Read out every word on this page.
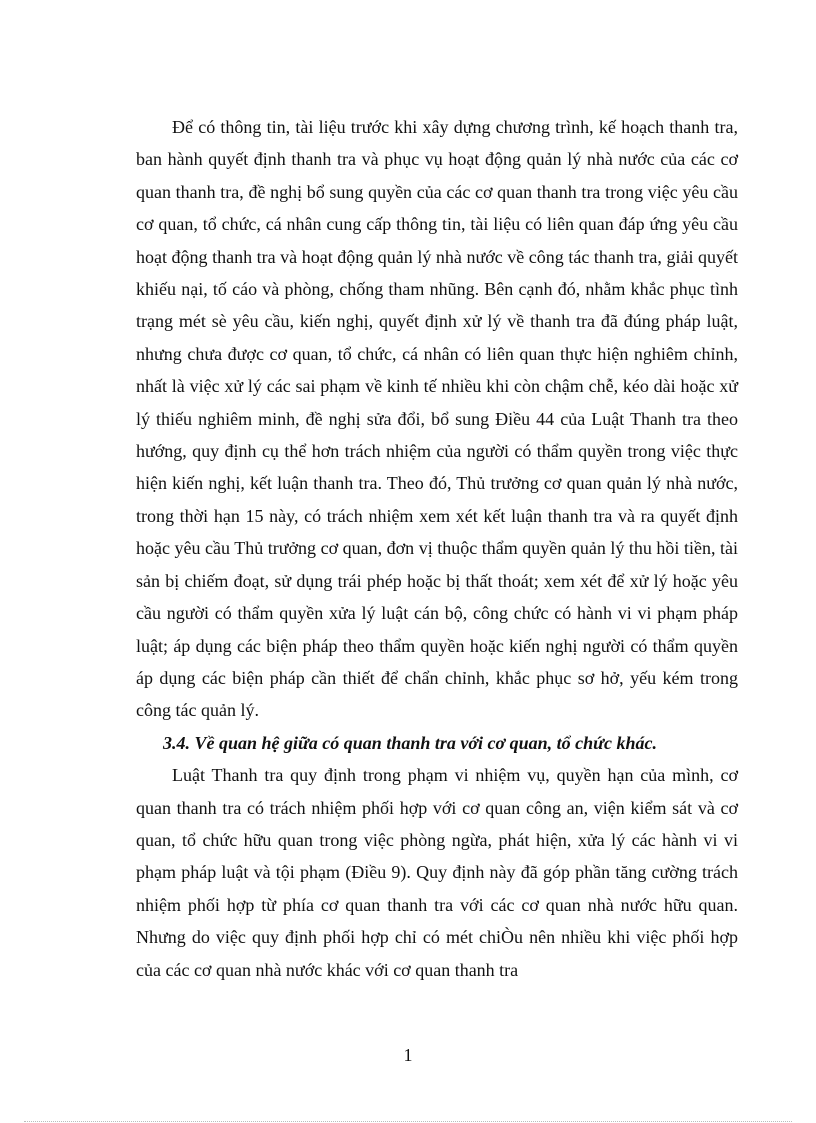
Để có thông tin, tài liệu trước khi xây dựng chương trình, kế hoạch thanh tra, ban hành quyết định thanh tra và phục vụ hoạt động quản lý nhà nước của các cơ quan thanh tra, đề nghị bổ sung quyền của các cơ quan thanh tra trong việc yêu cầu cơ quan, tổ chức, cá nhân cung cấp thông tin, tài liệu có liên quan đáp ứng yêu cầu hoạt động thanh tra và hoạt động quản lý nhà nước về công tác thanh tra, giải quyết khiếu nại, tố cáo và phòng, chống tham nhũng. Bên cạnh đó, nhằm khắc phục tình trạng mét sè yêu cầu, kiến nghị, quyết định xử lý về thanh tra đã đúng pháp luật, nhưng chưa được cơ quan, tổ chức, cá nhân có liên quan thực hiện nghiêm chỉnh, nhất là việc xử lý các sai phạm về kinh tế nhiều khi còn chậm chễ, kéo dài hoặc xử lý thiếu nghiêm minh, đề nghị sửa đổi, bổ sung Điều 44 của Luật Thanh tra theo hướng, quy định cụ thể hơn trách nhiệm của người có thẩm quyền trong việc thực hiện kiến nghị, kết luận thanh tra. Theo đó, Thủ trưởng cơ quan quản lý nhà nước, trong thời hạn 15 này, có trách nhiệm xem xét kết luận thanh tra và ra quyết định hoặc yêu cầu Thủ trưởng cơ quan, đơn vị thuộc thẩm quyền quản lý thu hồi tiền, tài sản bị chiếm đoạt, sử dụng trái phép hoặc bị thất thoát; xem xét để xử lý hoặc yêu cầu người có thẩm quyền xửa lý luật cán bộ, công chức có hành vi vi phạm pháp luật; áp dụng các biện pháp theo thẩm quyền hoặc kiến nghị người có thẩm quyền áp dụng các biện pháp cần thiết để chẩn chỉnh, khắc phục sơ hở, yếu kém trong công tác quản lý.

3.4. Về quan hệ giữa có quan thanh tra với cơ quan, tổ chức khác.

Luật Thanh tra quy định trong phạm vi nhiệm vụ, quyền hạn của mình, cơ quan thanh tra có trách nhiệm phối hợp với cơ quan công an, viện kiểm sát và cơ quan, tổ chức hữu quan trong việc phòng ngừa, phát hiện, xửa lý các hành vi vi phạm pháp luật và tội phạm (Điều 9). Quy định này đã góp phần tăng cường trách nhiệm phối hợp từ phía cơ quan thanh tra với các cơ quan nhà nước hữu quan. Nhưng do việc quy định phối hợp chỉ có mét chiÒu nên nhiều khi việc phối hợp của các cơ quan nhà nước khác với cơ quan thanh tra

1
